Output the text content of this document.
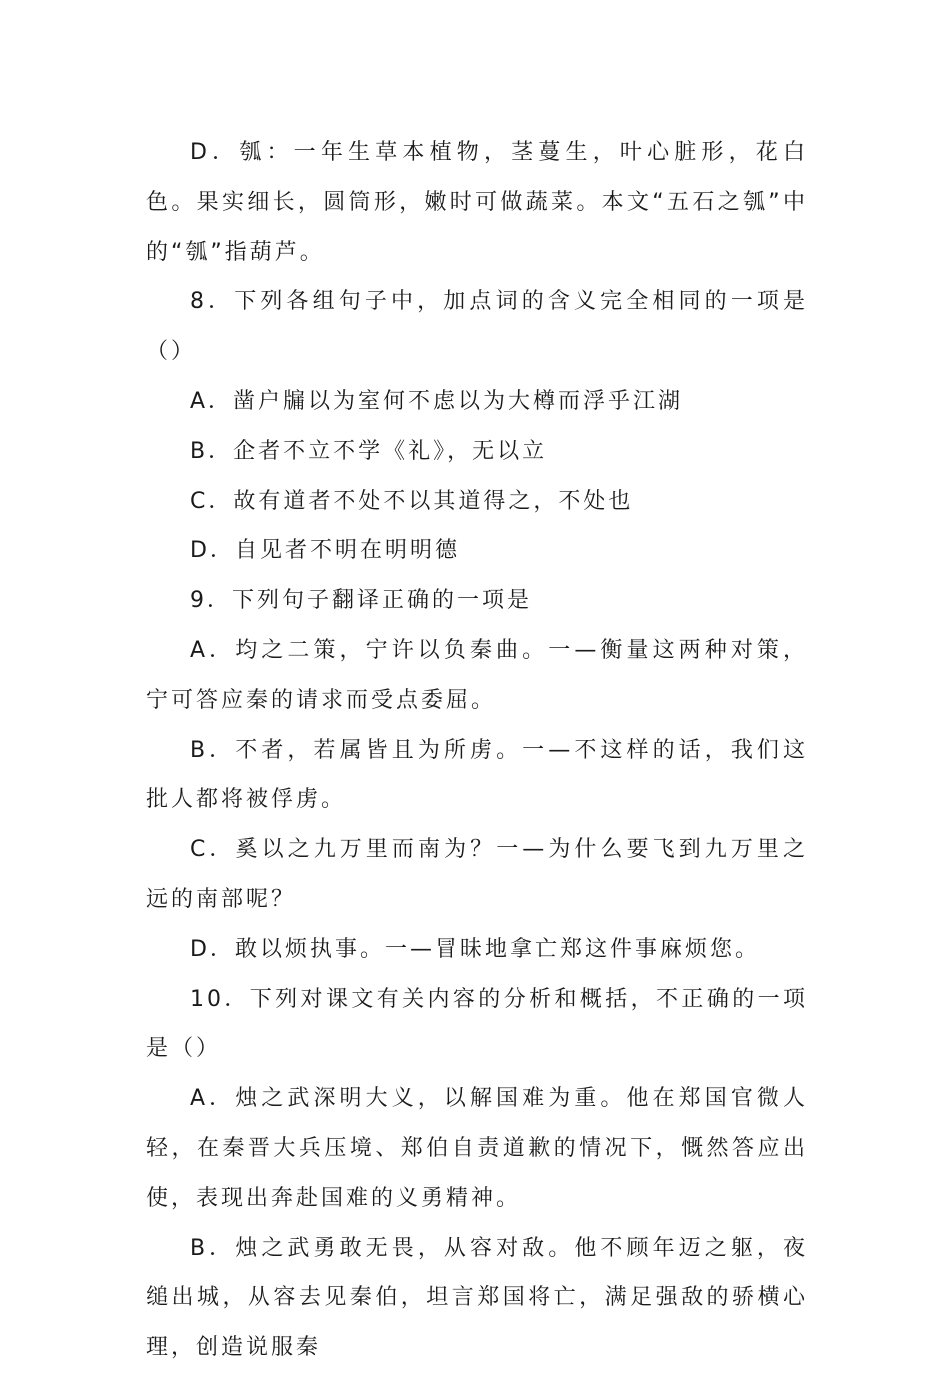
D．瓠：一年生草本植物，茎蔓生，叶心脏形，花白色。果实细长，圆筒形，嫩时可做蔬菜。本文“五石之瓠”中的“瓠”指葫芦。

8．下列各组句子中，加点词的含义完全相同的一项是（）

A．凿户牖以为室何不虑以为大樽而浮乎江湖

B．企者不立不学《礼》，无以立

C．故有道者不处不以其道得之，不处也

D．自见者不明在明明德

9．下列句子翻译正确的一项是

A．均之二策，宁许以负秦曲。一—衡量这两种对策，宁可答应秦的请求而受点委屈。

B．不者，若属皆且为所虏。一—不这样的话，我们这批人都将被俘虏。

C．奚以之九万里而南为？一—为什么要飞到九万里之远的南部呢？

D．敢以烦执事。一—冒昧地拿亡郑这件事麻烦您。

10．下列对课文有关内容的分析和概括，不正确的一项是（）

A．烛之武深明大义，以解国难为重。他在郑国官微人轻，在秦晋大兵压境、郑伯自责道歉的情况下，慨然答应出使，表现出奔赴国难的义勇精神。

B．烛之武勇敢无畏，从容对敌。他不顾年迈之躯，夜缒出城，从容去见秦伯，坦言郑国将亡，满足强敌的骄横心理，创造说服秦
